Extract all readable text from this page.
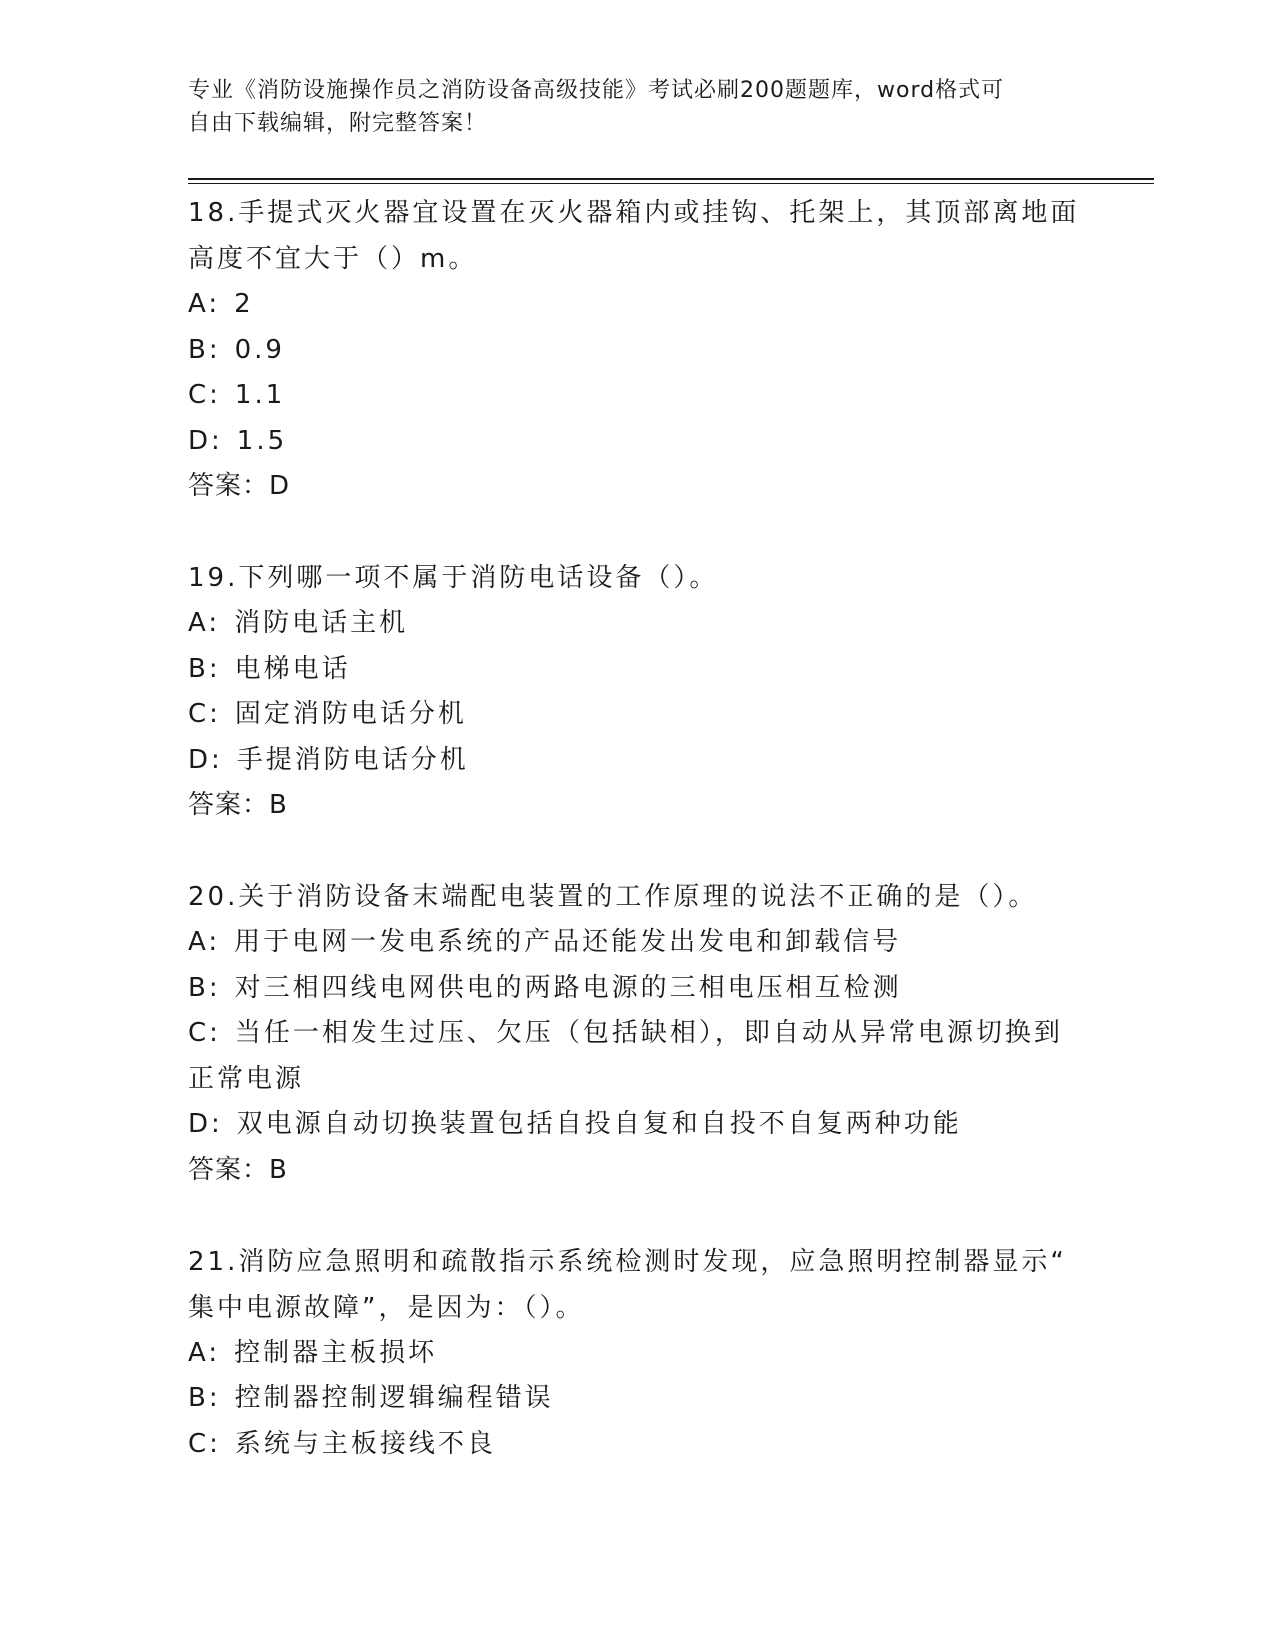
专业《消防设施操作员之消防设备高级技能》考试必刷200题题库，word格式可
自由下载编辑，附完整答案！

18.手提式灭火器宜设置在灭火器箱内或挂钩、托架上，其顶部离地面

高度不宜大于（）m。

A: 2

B: 0.9

C: 1.1

D: 1.5

答案：D

19.下列哪一项不属于消防电话设备（）。

A: 消防电话主机

B: 电梯电话

C: 固定消防电话分机

D: 手提消防电话分机

答案：B

20.关于消防设备末端配电装置的工作原理的说法不正确的是（）。

A: 用于电网一发电系统的产品还能发出发电和卸载信号

B: 对三相四线电网供电的两路电源的三相电压相互检测

C: 当任一相发生过压、欠压（包括缺相），即自动从异常电源切换到

正常电源

D: 双电源自动切换装置包括自投自复和自投不自复两种功能

答案：B

21.消防应急照明和疏散指示系统检测时发现，应急照明控制器显示“

集中电源故障”，是因为：（）。

A: 控制器主板损坏

B: 控制器控制逻辑编程错误

C: 系统与主板接线不良
